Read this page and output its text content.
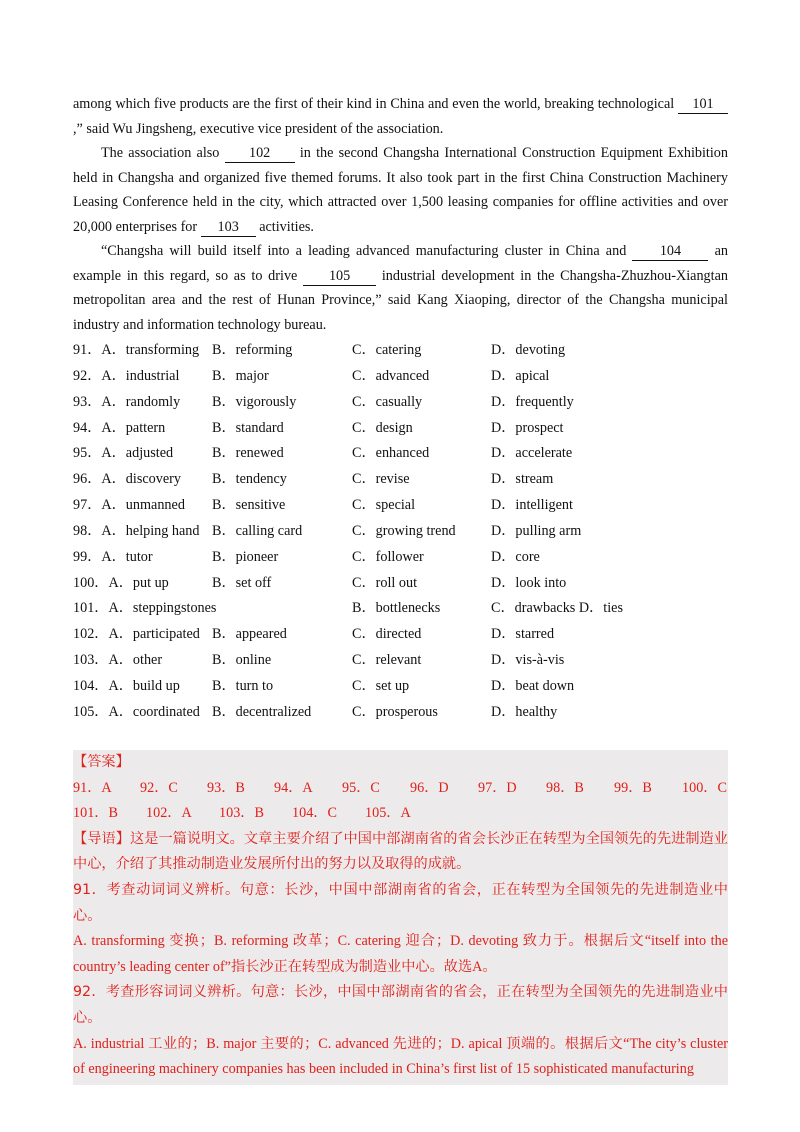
among which five products are the first of their kind in China and even the world, breaking technological 101 ,” said Wu Jingsheng, executive vice president of the association.

The association also 102 in the second Changsha International Construction Equipment Exhibition held in Changsha and organized five themed forums. It also took part in the first China Construction Machinery Leasing Conference held in the city, which attracted over 1,500 leasing companies for offline activities and over 20,000 enterprises for 103 activities.

“Changsha will build itself into a leading advanced manufacturing cluster in China and 104 an example in this regard, so as to drive 105 industrial development in the Changsha-Zhuzhou-Xiangtan metropolitan area and the rest of Hunan Province,” said Kang Xiaoping, director of the Changsha municipal industry and information technology bureau.

91．A．transforming B．reforming	C．catering	D．devoting
92．A．industrial B．major	C．advanced	D．apical
93．A．randomly B．vigorously	C．casually	D．frequently
94．A．pattern	B．standard	C．design	D．prospect
95．A．adjusted	B．renewed	C．enhanced	D．accelerate
96．A．discovery B．tendency	C．revise	D．stream
97．A．unmanned B．sensitive	C．special	D．intelligent
98．A．helping hand B．calling card	C．growing trend D．pulling arm
99．A．tutor	B．pioneer	C．follower	D．core
100．A．put up	B．set off	C．roll out	D．look into
101．A．steppingstones	B．bottlenecks	C．drawbacks D．ties
102．A．participated B．appeared	C．directed	D．starred
103．A．other	B．online	C．relevant	D．vis-à-vis
104．A．build up B．turn to	C．set up	D．beat down
105．A．coordinated B．decentralized	C．prosperous	D．healthy

【答案】

91．A 92．C 93．B 94．A 95．C 96．D 97．D 98．B 99．B 100．C
101．B 102．A 103．B 104．C 105．A

【导语】这是一篇说明文。文章主要介绍了中国中部湖南省的省会长沙正在转型为全国领先的先进制造业中心，介绍了其推动制造业发展所付出的努力以及取得的成就。

91．考查动词词义辨析。句意：长沙，中国中部湖南省的省会，正在转型为全国领先的先进制造业中心。

A. transforming 变换；B. reforming 改革；C. catering 迎合；D. devoting 致力于。根据后文“itself into the country’s leading center of”指长沙正在转型成为制造业中心。故选A。

92．考查形容词词义辨析。句意：长沙，中国中部湖南省的省会，正在转型为全国领先的先进制造业中心。

A. industrial 工业的；B. major 主要的；C. advanced 先进的；D. apical 顶端的。根据后文“The city’s cluster of engineering machinery companies has been included in China’s first list of 15 sophisticated manufacturing
